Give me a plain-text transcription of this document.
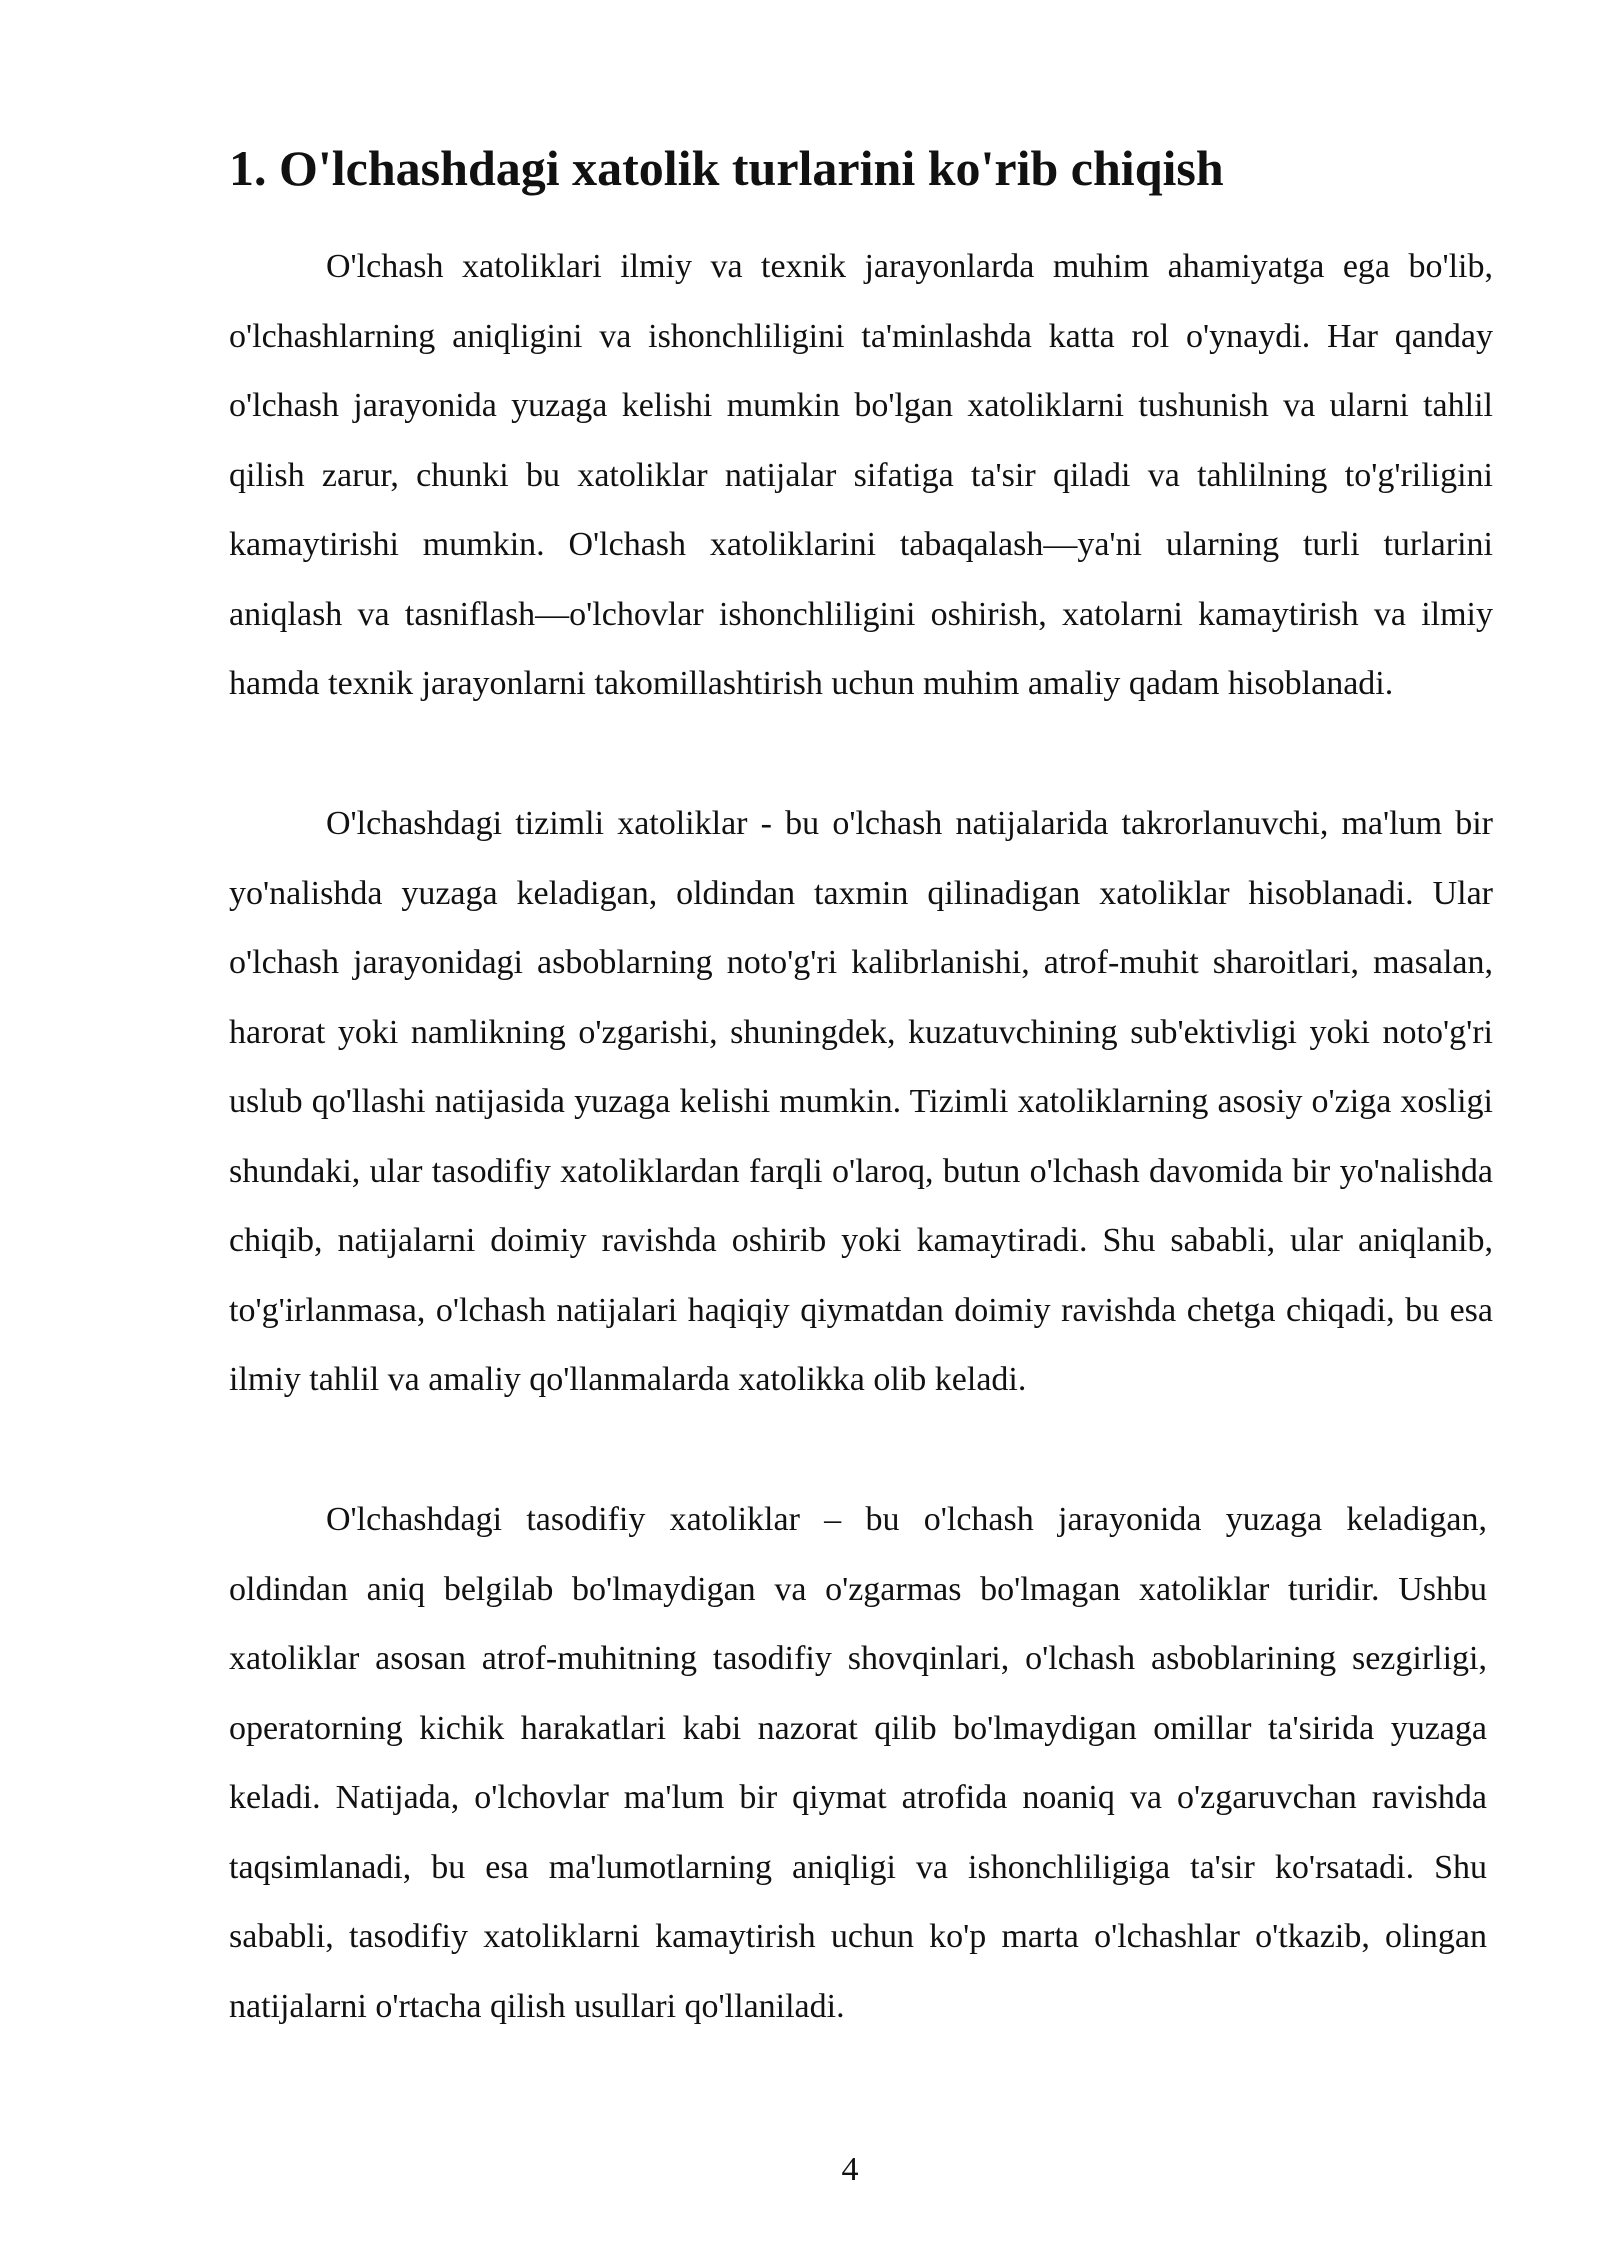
1. O'lchashdagi xatolik turlarini ko'rib chiqish

O'lchash xatoliklari ilmiy va texnik jarayonlarda muhim ahamiyatga ega bo'lib, o'lchashlarning aniqligini va ishonchliligini ta'minlashda katta rol o'ynaydi. Har qanday o'lchash jarayonida yuzaga kelishi mumkin bo'lgan xatoliklarni tushunish va ularni tahlil qilish zarur, chunki bu xatoliklar natijalar sifatiga ta'sir qiladi va tahlilning to'g'riligini kamaytirishi mumkin. O'lchash xatoliklarini tabaqalash—ya'ni ularning turli turlarini aniqlash va tasniflash—o'lchovlar ishonchliligini oshirish, xatolarni kamaytirish va ilmiy hamda texnik jarayonlarni takomillashtirish uchun muhim amaliy qadam hisoblanadi.

O'lchashdagi tizimli xatoliklar - bu o'lchash natijalarida takrorlanuvchi, ma'lum bir yo'nalishda yuzaga keladigan, oldindan taxmin qilinadigan xatoliklar hisoblanadi. Ular o'lchash jarayonidagi asboblarning noto'g'ri kalibrlanishi, atrof-muhit sharoitlari, masalan, harorat yoki namlikning o'zgarishi, shuningdek, kuzatuvchining sub'ektivligi yoki noto'g'ri uslub qo'llashi natijasida yuzaga kelishi mumkin. Tizimli xatoliklarning asosiy o'ziga xosligi shundaki, ular tasodifiy xatoliklardan farqli o'laroq, butun o'lchash davomida bir yo'nalishda chiqib, natijalarni doimiy ravishda oshirib yoki kamaytiradi. Shu sababli, ular aniqlanib, to'g'irlanmasa, o'lchash natijalari haqiqiy qiymatdan doimiy ravishda chetga chiqadi, bu esa ilmiy tahlil va amaliy qo'llanmalarda xatolikka olib keladi.

O'lchashdagi tasodifiy xatoliklar – bu o'lchash jarayonida yuzaga keladigan, oldindan aniq belgilab bo'lmaydigan va o'zgarmas bo'lmagan xatoliklar turidir. Ushbu xatoliklar asosan atrof-muhitning tasodifiy shovqinlari, o'lchash asboblarining sezgirligi, operatorning kichik harakatlari kabi nazorat qilib bo'lmaydigan omillar ta'sirida yuzaga keladi. Natijada, o'lchovlar ma'lum bir qiymat atrofida noaniq va o'zgaruvchan ravishda taqsimlanadi, bu esa ma'lumotlarning aniqligi va ishonchliligiga ta'sir ko'rsatadi. Shu sababli, tasodifiy xatoliklarni kamaytirish uchun ko'p marta o'lchashlar o'tkazib, olingan natijalarni o'rtacha qilish usullari qo'llaniladi.

4
